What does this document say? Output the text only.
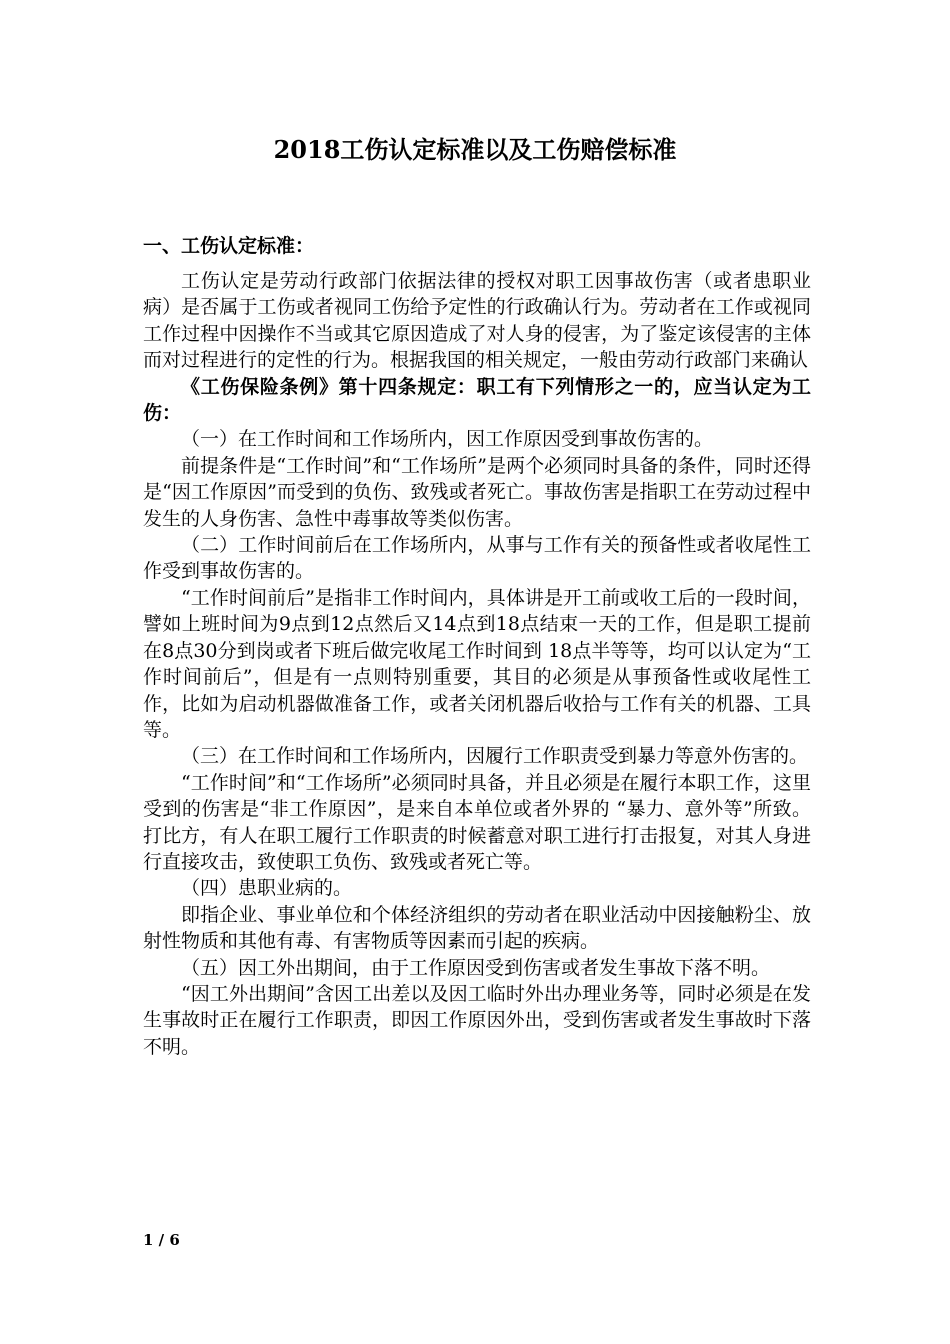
2018工伤认定标准以及工伤赔偿标准
一、工伤认定标准：

工伤认定是劳动行政部门依据法律的授权对职工因事故伤害（或者患职业病）是否属于工伤或者视同工伤给予定性的行政确认行为。劳动者在工作或视同工作过程中因操作不当或其它原因造成了对人身的侵害，为了鉴定该侵害的主体而对过程进行的定性的行为。根据我国的相关规定，一般由劳动行政部门来确认

《工伤保险条例》第十四条规定：职工有下列情形之一的，应当认定为工伤：

（一）在工作时间和工作场所内，因工作原因受到事故伤害的。

前提条件是“工作时间”和“工作场所”是两个必须同时具备的条件，同时还得是“因工作原因”而受到的负伤、致残或者死亡。事故伤害是指职工在劳动过程中发生的人身伤害、急性中毒事故等类似伤害。

（二）工作时间前后在工作场所内，从事与工作有关的预备性或者收尾性工作受到事故伤害的。

“工作时间前后”是指非工作时间内，具体讲是开工前或收工后的一段时间，譬如上班时间为9点到12点然后又14点到18点结束一天的工作，但是职工提前在8点30分到岗或者下班后做完收尾工作时间到 18点半等等，均可以认定为“工作时间前后”，但是有一点则特别重要，其目的必须是从事预备性或收尾性工作，比如为启动机器做准备工作，或者关闭机器后收拾与工作有关的机器、工具等。

（三）在工作时间和工作场所内，因履行工作职责受到暴力等意外伤害的。

“工作时间”和“工作场所”必须同时具备，并且必须是在履行本职工作，这里受到的伤害是“非工作原因”，是来自本单位或者外界的 “暴力、意外等”所致。打比方，有人在职工履行工作职责的时候蓄意对职工进行打击报复，对其人身进行直接攻击，致使职工负伤、致残或者死亡等。

（四）患职业病的。

即指企业、事业单位和个体经济组织的劳动者在职业活动中因接触粉尘、放射性物质和其他有毒、有害物质等因素而引起的疾病。

（五）因工外出期间，由于工作原因受到伤害或者发生事故下落不明。

“因工外出期间”含因工出差以及因工临时外出办理业务等，同时必须是在发生事故时正在履行工作职责，即因工作原因外出，受到伤害或者发生事故时下落不明。

1 / 6
